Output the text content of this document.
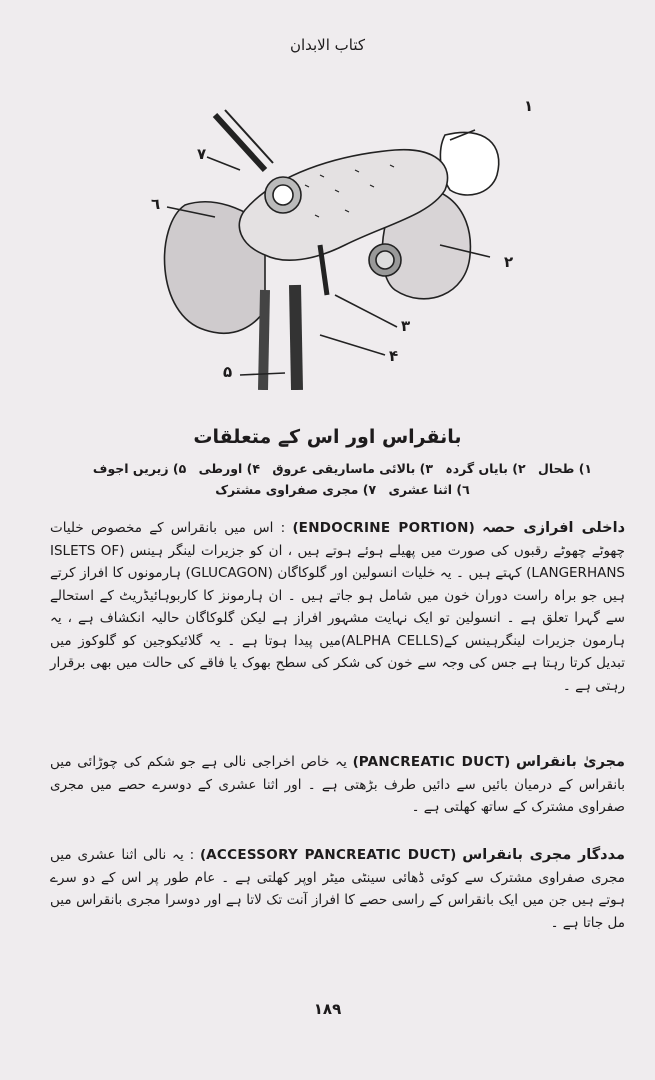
کتاب الابدان
١
٢
٣
۴
۵
٦
٧
بانقراس اور اس کے متعلقات
١) طحال ٢) بایاں گردہ ٣) بالائی ماساریقی عروق ۴) اورطی ۵) زیریں اجوف
٦) اثنا عشری ٧) مجری صفراوی مشترک
داخلی افرازی حصہ (ENDOCRINE PORTION) : اس میں بانقراس کے مخصوص خلیات چھوٹے چھوٹے رقبوں کی صورت میں پھیلے ہوئے ہوتے ہیں ، ان کو جزیرات لینگر ہینس (ISLETS OF LANGERHANS) کہتے ہیں ۔ یہ خلیات انسولین اور گلوکاگان (GLUCAGON) ہارمونوں کا افراز کرتے ہیں جو براہ راست دوران خون میں شامل ہو جاتے ہیں ۔ ان ہارمونز کا کاربوہائیڈریٹ کے استحالے سے گہرا تعلق ہے ۔ انسولین تو ایک نہایت مشہور افراز ہے لیکن گلوکاگان حالیہ انکشاف ہے ، یہ ہارمون جزیرات لینگرہینس کے(ALPHA CELLS)میں پیدا ہوتا ہے ۔ یہ گلائیکوجین کو گلوکوز میں تبدیل کرتا رہتا ہے جس کی وجہ سے خون کی شکر کی سطح بھوک یا فاقے کی حالت میں بھی برقرار رہتی ہے ۔
مجریٰ بانقراس (PANCREATIC DUCT) یہ خاص اخراجی نالی ہے جو شکم کی چوڑائی میں بانقراس کے درمیان بائیں سے دائیں طرف بڑھتی ہے ۔ اور اثنا عشری کے دوسرے حصے میں مجری صفراوی مشترک کے ساتھ کھلتی ہے ۔
مددگار مجری بانقراس (ACCESSORY PANCREATIC DUCT) : یہ نالی اثنا عشری میں مجری صفراوی مشترک سے کوئی ڈھائی سینٹی میٹر اوپر کھلتی ہے ۔ عام طور پر اس کے دو سرے ہوتے ہیں جن میں ایک بانقراس کے راسی حصے کا افراز آنت تک لاتا ہے اور دوسرا مجری بانقراس میں مل جاتا ہے ۔
١٨٩
